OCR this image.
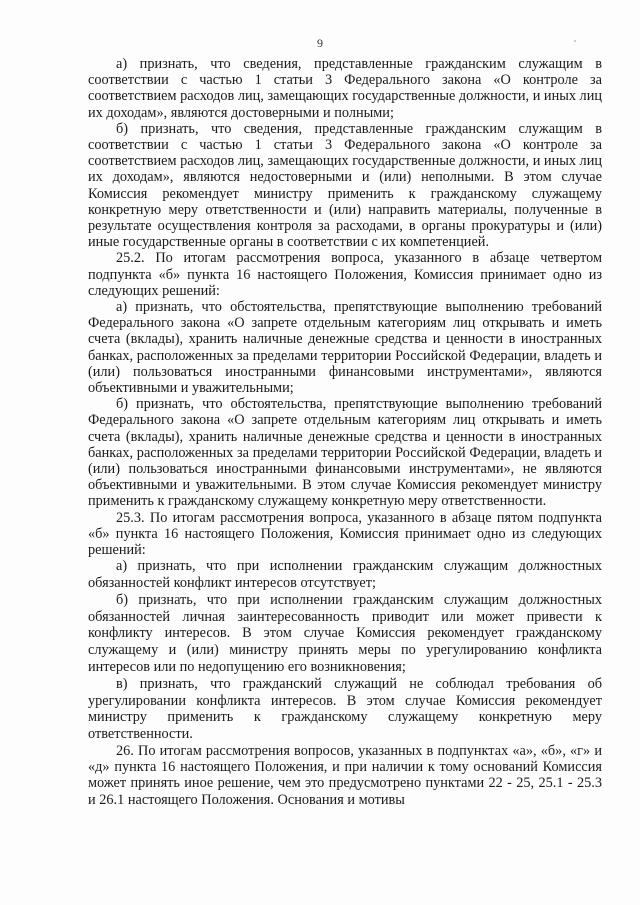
9

а) признать, что сведения, представленные гражданским служащим в соответствии с частью 1 статьи 3 Федерального закона «О контроле за соответствием расходов лиц, замещающих государственные должности, и иных лиц их доходам», являются достоверными и полными;

б) признать, что сведения, представленные гражданским служащим в соответствии с частью 1 статьи 3 Федерального закона «О контроле за соответствием расходов лиц, замещающих государственные должности, и иных лиц их доходам», являются недостоверными и (или) неполными. В этом случае Комиссия рекомендует министру применить к гражданскому служащему конкретную меру ответственности и (или) направить материалы, полученные в результате осуществления контроля за расходами, в органы прокуратуры и (или) иные государственные органы в соответствии с их компетенцией.

25.2. По итогам рассмотрения вопроса, указанного в абзаце четвертом подпункта «б» пункта 16 настоящего Положения, Комиссия принимает одно из следующих решений:

а) признать, что обстоятельства, препятствующие выполнению требований Федерального закона «О запрете отдельным категориям лиц открывать и иметь счета (вклады), хранить наличные денежные средства и ценности в иностранных банках, расположенных за пределами территории Российской Федерации, владеть и (или) пользоваться иностранными финансовыми инструментами», являются объективными и уважительными;

б) признать, что обстоятельства, препятствующие выполнению требований Федерального закона «О запрете отдельным категориям лиц открывать и иметь счета (вклады), хранить наличные денежные средства и ценности в иностранных банках, расположенных за пределами территории Российской Федерации, владеть и (или) пользоваться иностранными финансовыми инструментами», не являются объективными и уважительными. В этом случае Комиссия рекомендует министру применить к гражданскому служащему конкретную меру ответственности.

25.3. По итогам рассмотрения вопроса, указанного в абзаце пятом подпункта «б» пункта 16 настоящего Положения, Комиссия принимает одно из следующих решений:

а) признать, что при исполнении гражданским служащим должностных обязанностей конфликт интересов отсутствует;

б) признать, что при исполнении гражданским служащим должностных обязанностей личная заинтересованность приводит или может привести к конфликту интересов. В этом случае Комиссия рекомендует гражданскому служащему и (или) министру принять меры по урегулированию конфликта интересов или по недопущению его возникновения;

в) признать, что гражданский служащий не соблюдал требования об урегулировании конфликта интересов. В этом случае Комиссия рекомендует министру применить к гражданскому служащему конкретную меру ответственности.

26. По итогам рассмотрения вопросов, указанных в подпунктах «а», «б», «г» и «д» пункта 16 настоящего Положения, и при наличии к тому оснований Комиссия может принять иное решение, чем это предусмотрено пунктами 22 - 25, 25.1 - 25.3 и 26.1 настоящего Положения. Основания и мотивы
